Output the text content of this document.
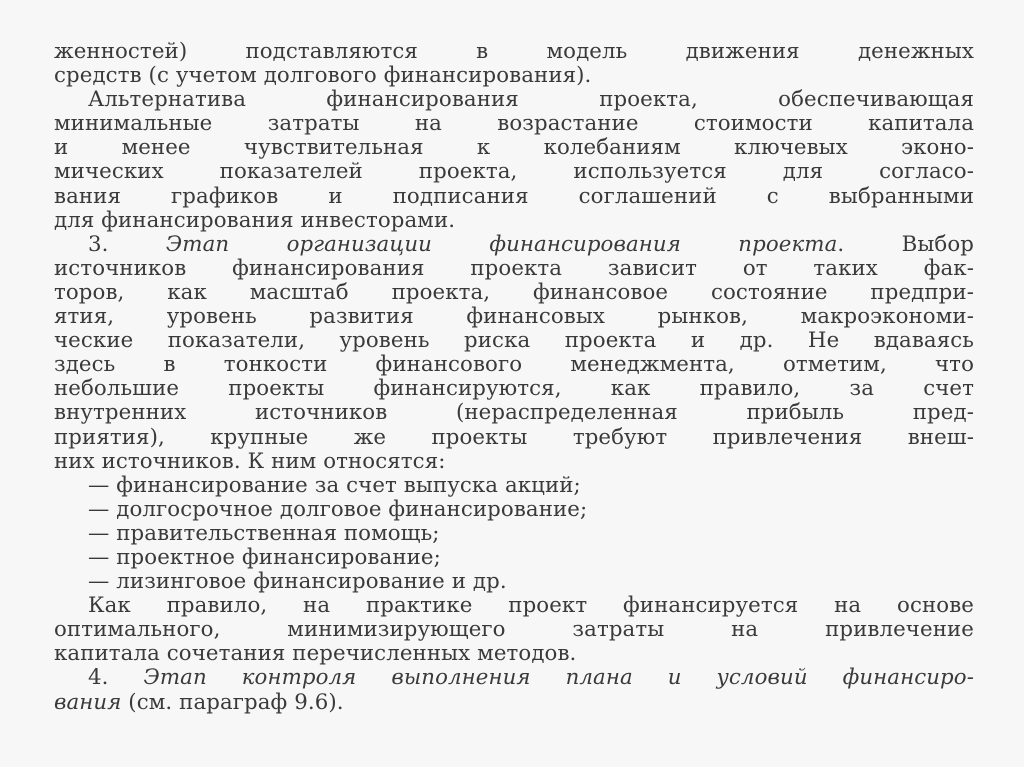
женностей) подставляются в модель движения денежных
средств (с учетом долгового финансирования).
Альтернатива финансирования проекта, обеспечивающая
минимальные затраты на возрастание стоимости капитала
и менее чувствительная к колебаниям ключевых эконо-
мических показателей проекта, используется для согласо-
вания графиков и подписания соглашений с выбранными
для финансирования инвесторами.
3. Этап организации финансирования проекта. Выбор
источников финансирования проекта зависит от таких фак-
торов, как масштаб проекта, финансовое состояние предпри-
ятия, уровень развития финансовых рынков, макроэкономи-
ческие показатели, уровень риска проекта и др. Не вдаваясь
здесь в тонкости финансового менеджмента, отметим, что
небольшие проекты финансируются, как правило, за счет
внутренних источников (нераспределенная прибыль пред-
приятия), крупные же проекты требуют привлечения внеш-
них источников. К ним относятся:
— финансирование за счет выпуска акций;
— долгосрочное долговое финансирование;
— правительственная помощь;
— проектное финансирование;
— лизинговое финансирование и др.
Как правило, на практике проект финансируется на основе
оптимального, минимизирующего затраты на привлечение
капитала сочетания перечисленных методов.
4. Этап контроля выполнения плана и условий финансиро-
вания (см. параграф 9.6).
